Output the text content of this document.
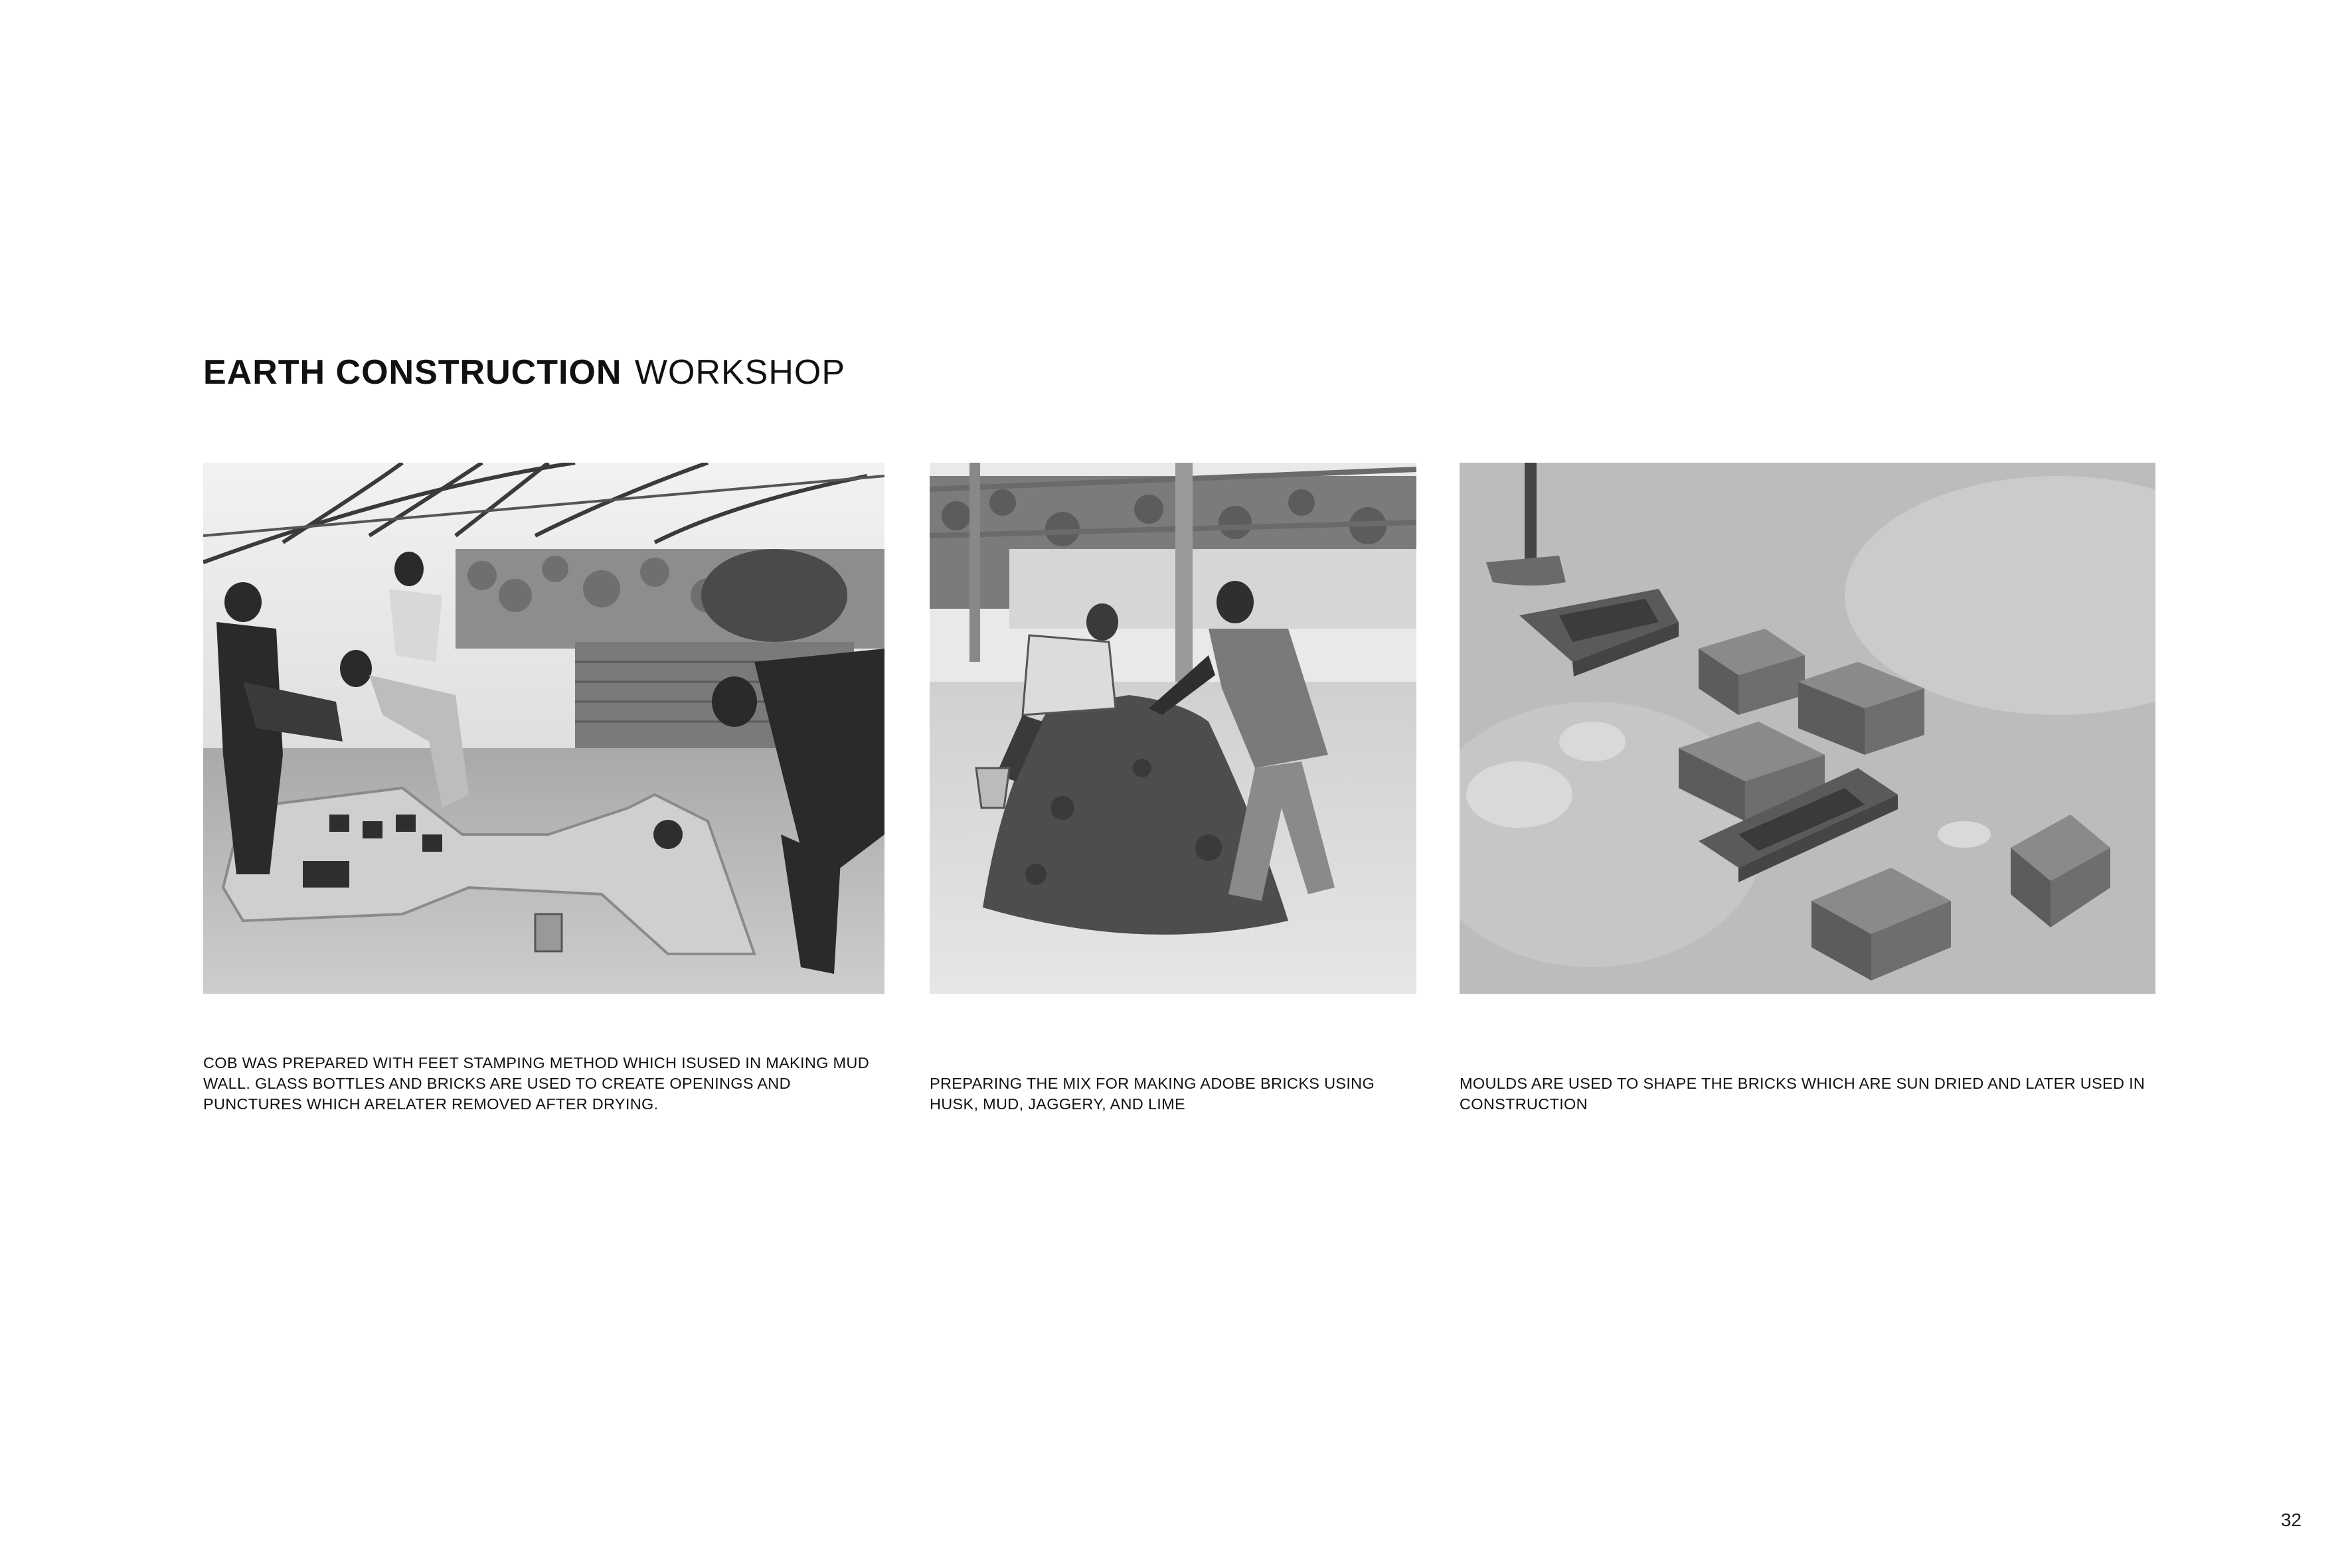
EARTH CONSTRUCTION WORKSHOP

COB WAS PREPARED WITH FEET STAMPING METHOD WHICH ISUSED IN MAKING MUD WALL. GLASS BOTTLES AND BRICKS ARE USED TO CREATE OPENINGS AND PUNCTURES WHICH ARELATER REMOVED AFTER DRYING.

PREPARING THE MIX FOR MAKING ADOBE BRICKS USING HUSK, MUD, JAGGERY, AND LIME

MOULDS ARE USED TO SHAPE THE BRICKS WHICH ARE SUN DRIED AND LATER USED IN CONSTRUCTION

32
